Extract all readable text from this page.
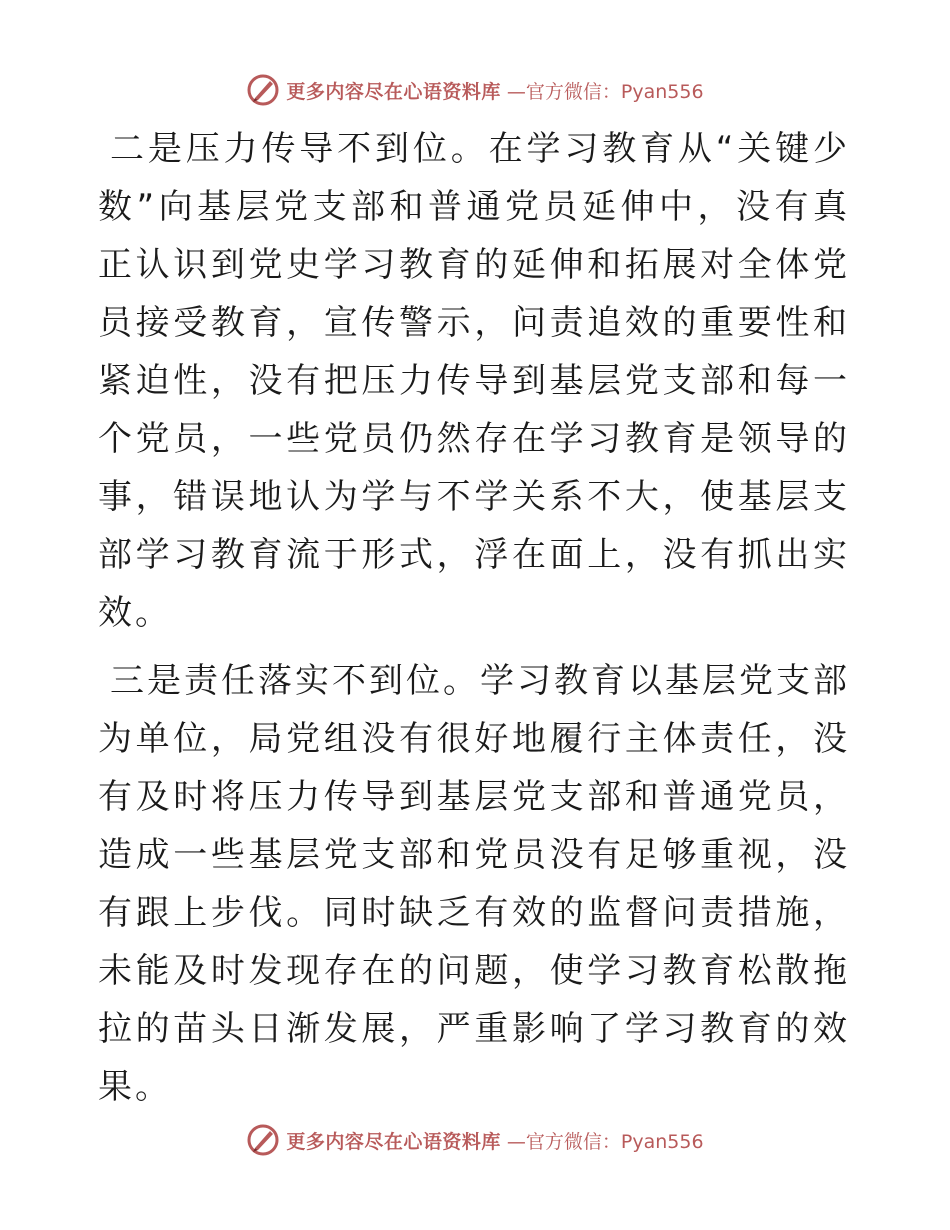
更多内容尽在心语资料库 —官方微信：Pyan556

二是压力传导不到位。在学习教育从“关键少数”向基层党支部和普通党员延伸中，没有真正认识到党史学习教育的延伸和拓展对全体党员接受教育，宣传警示，问责追效的重要性和紧迫性，没有把压力传导到基层党支部和每一个党员，一些党员仍然存在学习教育是领导的事，错误地认为学与不学关系不大，使基层支部学习教育流于形式，浮在面上，没有抓出实效。

三是责任落实不到位。学习教育以基层党支部为单位，局党组没有很好地履行主体责任，没有及时将压力传导到基层党支部和普通党员，造成一些基层党支部和党员没有足够重视，没有跟上步伐。同时缺乏有效的监督问责措施，未能及时发现存在的问题，使学习教育松散拖拉的苗头日渐发展，严重影响了学习教育的效果。

更多内容尽在心语资料库 —官方微信：Pyan556
